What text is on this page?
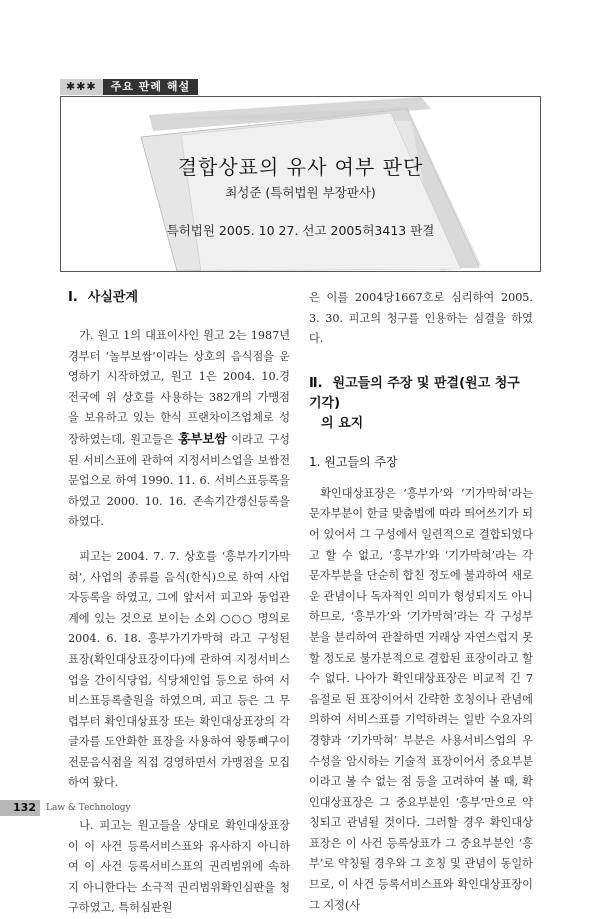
✱✱✱	주요 판례 해설
결합상표의 유사 여부 판단
최성준 (특허법원 부장판사)
특허법원 2005. 10 27. 선고 2005허3413 판결
Ⅰ. 사실관계

가. 원고 1의 대표이사인 원고 2는 1987년경부터 ‘놀부보쌈’이라는 상호의 음식점을 운영하기 시작하였고, 원고 1은 2004. 10.경 전국에 위 상호를 사용하는 382개의 가맹점을 보유하고 있는 한식 프랜차이즈업체로 성장하였는데, 원고들은 홍부보쌈 이라고 구성된 서비스표에 관하여 지정서비스업을 보쌈전문업으로 하여 1990. 11. 6. 서비스표등록을 하였고 2000. 10. 16. 존속기간갱신등록을 하였다.

피고는 2004. 7. 7. 상호를 ‘흥부가기가막혀’, 사업의 종류를 음식(한식)으로 하여 사업자등록을 하였고, 그에 앞서서 피고와 동업관계에 있는 것으로 보이는 소외 ○○○ 명의로 2004. 6. 18. 흥부가기가막혀 라고 구성된 표장(확인대상표장이다)에 관하여 지정서비스업을 간이식당업, 식당체인업 등으로 하여 서비스표등록출원을 하였으며, 피고 등은 그 무렵부터 확인대상표장 또는 확인대상표장의 각 글자를 도안화한 표장을 사용하여 왕통뼈구이 전문음식점을 직접 경영하면서 가맹점을 모집하여 왔다.

나. 피고는 원고들을 상대로 확인대상표장이 이 사건 등록서비스표와 유사하지 아니하여 이 사건 등록서비스표의 권리범위에 속하지 아니한다는 소극적 권리범위확인심판을 청구하였고, 특허심판원

은 이를 2004당1667호로 심리하여 2005. 3. 30. 피고의 청구를 인용하는 심결을 하였다.

Ⅱ. 원고들의 주장 및 판결(원고 청구 기각)
의 요지
1. 원고들의 주장

확인대상표장은 ‘흥부가’와 ‘기가막혀’라는 문자부분이 한글 맞춤법에 따라 띄어쓰기가 되어 있어서 그 구성에서 일련적으로 결합되었다고 할 수 없고, ‘흥부가’와 ‘기가막혀’라는 각 문자부분을 단순히 합친 정도에 불과하여 새로운 관념이나 독자적인 의미가 형성되지도 아니하므로, ‘흥부가’와 ‘기가막혀’라는 각 구성부분을 분리하여 관찰하면 거래상 자연스럽지 못할 정도로 불가분적으로 결합된 표장이라고 할 수 없다. 나아가 확인대상표장은 비교적 긴 7음절로 된 표장이어서 간략한 호칭이나 관념에 의하여 서비스표를 기억하려는 일반 수요자의 경향과 ‘기가막혀’ 부분은 사용서비스업의 우수성을 암시하는 기술적 표장이어서 중요부분이라고 볼 수 없는 점 등을 고려하여 볼 때, 확인대상표장은 그 중요부분인 ‘흥부’만으로 약칭되고 관념될 것이다. 그러할 경우 확인대상표장은 이 사건 등록상표가 그 중요부분인 ‘흥부’로 약칭될 경우와 그 호칭 및 관념이 동일하므로, 이 사건 등록서비스표와 확인대상표장이 그 지정(사

132	Law & Technology
